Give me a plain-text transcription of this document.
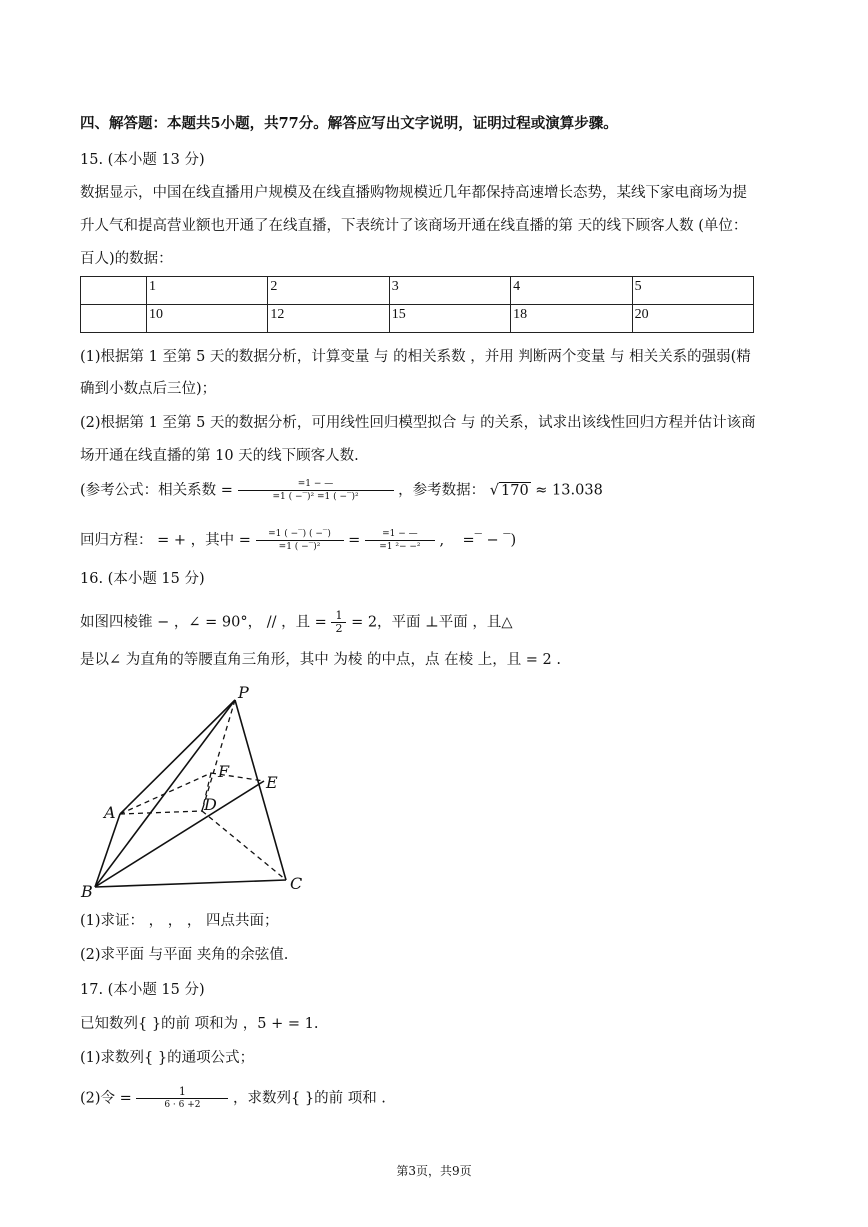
四、解答题：本题共5小题，共77分。解答应写出文字说明，证明过程或演算步骤。
15. (本小题 13 分)
数据显示，中国在线直播用户规模及在线直播购物规模近几年都保持高速增长态势，某线下家电商场为提
升人气和提高营业额也开通了在线直播，下表统计了该商场开通在线直播的第 天的线下顾客人数 (单位：
百人)的数据：
	1	2	3	4	5
	10	12	15	18	20
(1)根据第 1 至第 5 天的数据分析，计算变量 与 的相关系数 ，并用 判断两个变量 与 相关关系的强弱(精
确到小数点后三位)；
(2)根据第 1 至第 5 天的数据分析，可用线性回归模型拟合 与 的关系，试求出该线性回归方程并估计该商
场开通在线直播的第 10 天的线下顾客人数.
(参考公式：相关系数 = $\frac{=1 - —}{\text{=1 ( −‾)² =1 ( −‾)²}}$ ，参考数据： √ 170 ≈ 13.038
回归方程： = + ，其中 = $\frac{=1 ( -‾) ( -‾)}{\text{=1 ( −‾)²}} = \frac{=1 - —}{\text{=1 ²− −²}}$ ,    =‾ − ‾)
16. (本小题 15 分)
如图四棱锥 − ，∠ = 90°， // ，且 = $\frac{1}{2} = 2$，平面 ⊥平面 ，且△
是以∠ 为直角的等腰直角三角形，其中 为棱 的中点，点 在棱 上，且 = 2 .
P
A
B	C
D
E
F
(1)求证： ， ， ， 四点共面；
(2)求平面 与平面 夹角的余弦值.
17. (本小题 15 分)
已知数列{ }的前 项和为 ，5 + = 1.
(1)求数列{ }的通项公式；
(2)令 = $\frac{1}{6 \cdot 6 +2}$ ，求数列{ }的前 项和 .
第3页，共9页
